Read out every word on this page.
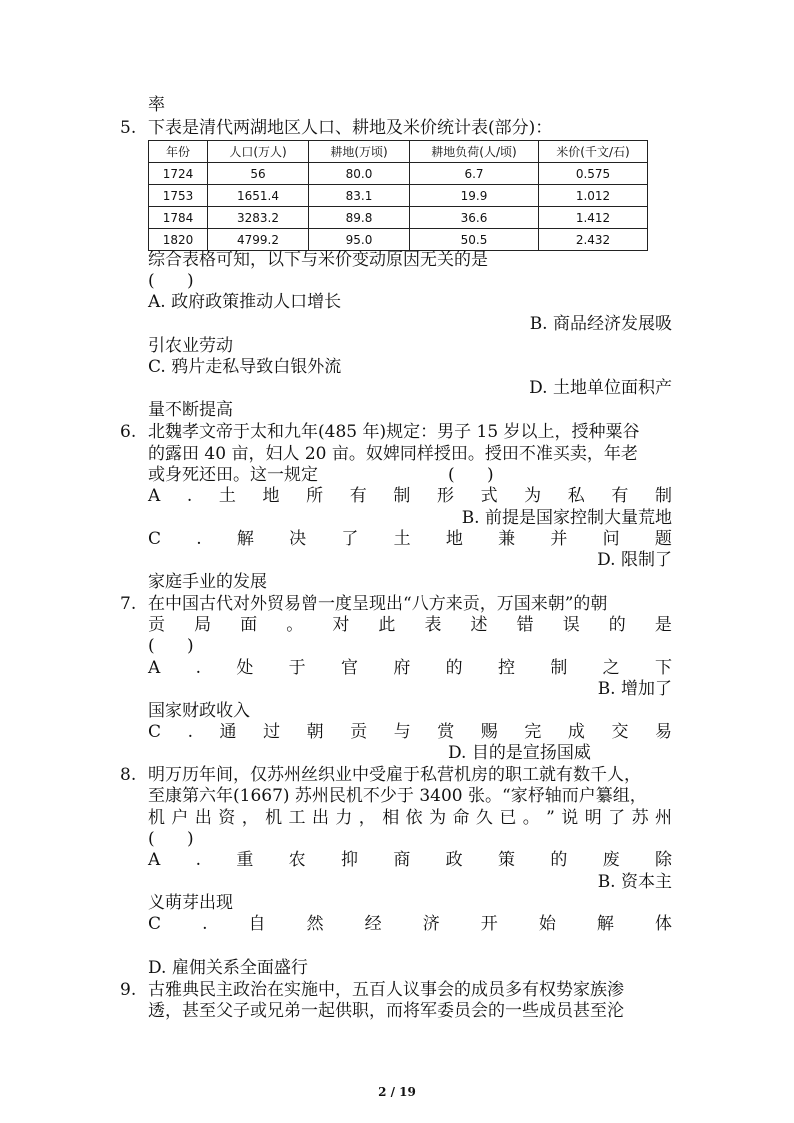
率
5. 下表是清代两湖地区人口、耕地及米价统计表(部分)：
年份	人口(万人)	耕地(万顷)	耕地负荷(人/顷)	米价(千文/石)
1724	56	80.0	6.7	0.575
1753	1651.4	83.1	19.9	1.012
1784	3283.2	89.8	36.6	1.412
1820	4799.2	95.0	50.5	2.432
综合表格可知，以下与米价变动原因无关的是
(      )
A. 政府政策推动人口增长
B. 商品经济发展吸
引农业劳动
C. 鸦片走私导致白银外流
D. 土地单位面积产
量不断提高
6. 北魏孝文帝于太和九年(485 年)规定：男子 15 岁以上，授种粟谷
的露田 40 亩，妇人 20 亩。奴婢同样授田。授田不准买卖，年老
或身死还田。这一规定	(      )
A . 土 地 所 有 制 形 式 为 私 有 制
B. 前提是国家控制大量荒地
C . 解 决 了 土 地 兼 并 问 题
D. 限制了
家庭手业的发展
7. 在中国古代对外贸易曾一度呈现出“八方来贡，万国来朝”的朝
贡 局 面 。 对 此 表 述 错 误 的 是
(      )
A . 处 于 官 府 的 控 制 之 下
B. 增加了
国家财政收入
C . 通 过 朝 贡 与 赏 赐 完 成 交 易
D. 目的是宣扬国威
8. 明万历年间，仅苏州丝织业中受雇于私营机房的职工就有数千人，
至康第六年(1667) 苏州民机不少于 3400 张。“家杼轴而户纂组，
机 户 出 资 ， 机 工 出 力 ， 相 依 为 命 久 已 。 ” 说 明 了 苏 州
(      )
A . 重 农 抑 商 政 策 的 废 除
B. 资本主
义萌芽出现
C . 自 然 经 济 开 始 解 体
D. 雇佣关系全面盛行
9. 古雅典民主政治在实施中，五百人议事会的成员多有权势家族渗
透，甚至父子或兄弟一起供职，而将军委员会的一些成员甚至沦
2 / 19
